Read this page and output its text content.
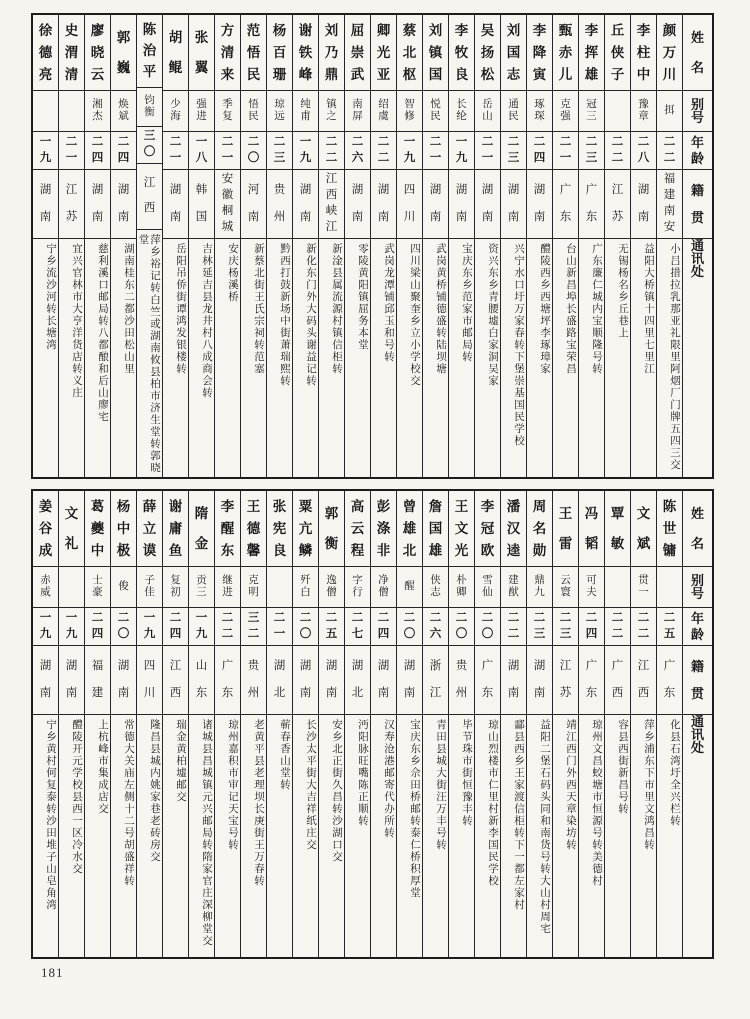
姓
名
别
号
年
龄
籍
贯
通
讯
处
颜
万
川
挕
二
二
福
建
南
安
小吕措拉乳那亚礼限里阿烟厂门牌五四三交
李
柱
中
豫
章
二
八
湖
南
益阳大桥镇十四里七里江
丘
侠
子
二
二
江
苏
无锡杨名乡丘巷上
李
挥
雄
冠
三
二
三
广
东
广东廉仁城内宝顺隆号转
甄
赤
儿
克
强
二
一
广
东
台山新昌埠长盛路宝荣昌
李
降
寅
琢
琛
二
四
湖
南
醴陵西乡西塘坪李琢璋家
刘
国
志
通
民
二
三
湖
南
兴宁水口圩万家春转下堡崇基国民学校
吴
扬
松
岳
山
二
一
湖
南
资兴东乡青腰墟白家洞吴家
李
牧
良
长
纶
一
九
湖
南
宝庆东乡范家市邮局转
刘
镇
国
悦
民
二
一
湖
南
武岗黄桥铺德盛转陆坝塘
蔡
北
枢
智
修
一
九
四
川
四川梁山聚奎乡立小学校交
卿
光
亚
绍
虞
二
二
湖
南
武岗龙潭铺邱玉和号转
屈
崇
武
南
屏
二
六
湖
南
零陵黄阳镇屈务本堂
刘
乃
鼎
镇
之
二
二
江
西
峡
江
新淦县属流源村镇信柜转
谢
铁
峰
纯
甫
一
九
湖
南
新化东门外大码头谢益记转
杨
百
珊
琼
远
二
三
贵
州
黔西打鼓新场中街萧瑞熙转
范
悟
民
悟
民
二
〇
河
南
新蔡北街王氏宗祠转范塞
方
清
来
季
复
二
一
安
徽
桐
城
安庆杨溪桥
张
翼
强
进
一
八
韩
国
吉林延吉县龙井村八成商会转
胡
鲲
少
海
二
一
湖
南
岳阳吊侨街谭鸿发银楼转
陈
治
平
钧
衡
三
〇
江
西
萍乡裕记转白竺或湖南攸县柏市济生堂转郭晓堂
郭
巍
焕
斌
二
四
湖
南
湖南桂东二都沙田松山里
廖
晓
云
湘
杰
二
四
湖
南
慈利溪口邮局转八都酿和后山廖宅
史
渭
清
二
一
江
苏
宜兴官林市大亨洋货店转义庄
徐
德
亮
一
九
湖
南
宁乡流沙河转长塘湾
姓
名
别
号
年
龄
籍
贯
通
讯
处
陈
世
镛
二
五
广
东
化县石湾圩全兴栏转
文
斌
贯
一
二
二
江
西
萍乡浦东下市里文鸿昌转
覃
敏
二
二
广
西
容县西街新昌号转
冯
韬
可
夫
二
四
广
东
琼州文昌蛟塘市恒源号转美德村
王
雷
云
寰
二
三
江
苏
靖江西门外西天章染坊转
周
名
勋
鼎
九
二
三
湖
南
益阳二堡石码头同和南货号转大山村周宅
潘
汉
逵
建
猷
二
二
湖
南
酃县西乡王家渡信柜转下一都左家村
李
冠
欧
雪
仙
二
〇
广
东
琼山烈楼市仁里村新李国民学校
王
文
光
朴
卿
二
〇
贵
州
毕节珠市街恒豫丰转
詹
国
雄
侠
志
二
六
浙
江
青田县城大街汪万丰号转
曾
雄
北
醒
二
〇
湖
南
宝庆东乡佘田桥邮转泰仁桥积厚堂
彭
涤
非
净
僧
二
四
湖
南
汉寿沧港邮寄代办所转
高
云
程
字
行
二
七
湖
北
沔阳脉旺嘴陈正顺转
郭
衡
逸
僧
二
五
湖
南
安乡北正街久昌转沙湖口交
粟
亢
鳞
歼
白
二
〇
湖
南
长沙太平街大吉祥纸庄交
张
宪
良
二
一
湖
北
蕲春香山堂转
王
德
馨
克
明
三
二
贵
州
老黄平县老理坝长庚街王万春转
李
醒
东
继
进
二
二
广
东
琼州嘉积市审记天宝号转
隋
金
贡
三
一
九
山
东
诸城县昌城镇元兴邮局转隋家官庄深柳堂交
谢
庸
鱼
复
初
二
四
江
西
瑞金黄柏墟邮交
薛
立
谟
子
佳
一
九
四
川
隆昌县城内姚家巷老砖房交
杨
中
极
俊
二
〇
湖
南
常德大关庙左侧十二号胡盛祥转
葛
夔
中
士
豪
二
四
福
建
上杭峰市集成店交
文
礼
一
九
湖
南
醴陵开元学校县西一区冷水交
姜
谷
成
赤
威
一
九
湖
南
宁乡黄村何复泰转沙田堆子山皂角湾
181
